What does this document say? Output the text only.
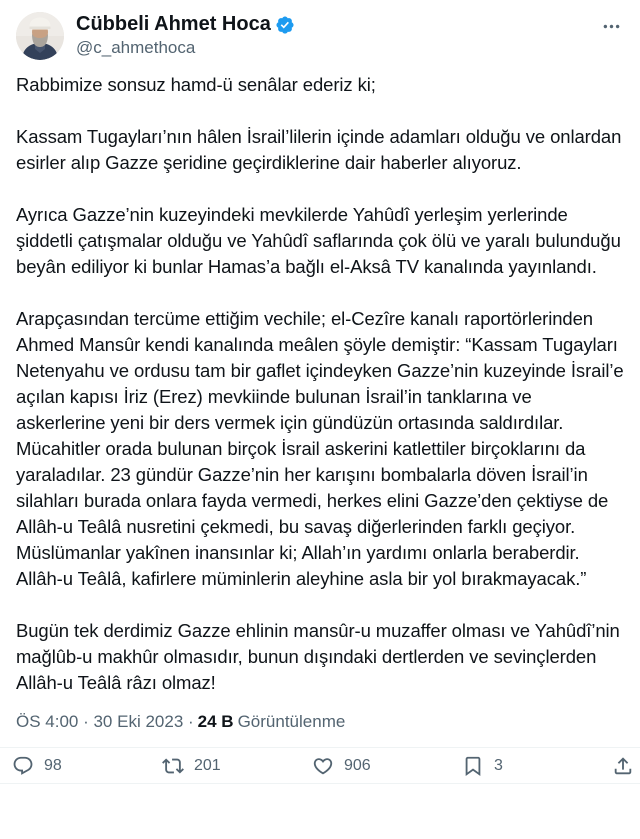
Cübbeli Ahmet Hoca
@c_ahmethoca

Rabbimize sonsuz hamd-ü senâlar ederiz ki;

Kassam Tugayları’nın hâlen İsrail’lilerin içinde adamları olduğu ve onlardan esirler alıp Gazze şeridine geçirdiklerine dair haberler alıyoruz.

Ayrıca Gazze’nin kuzeyindeki mevkilerde Yahûdî yerleşim yerlerinde şiddetli çatışmalar olduğu ve Yahûdî saflarında çok ölü ve yaralı bulunduğu beyân ediliyor ki bunlar Hamas’a bağlı el-Aksâ TV kanalında yayınlandı.

Arapçasından tercüme ettiğim vechile; el-Cezîre kanalı raportörlerinden Ahmed Mansûr kendi kanalında meâlen şöyle demiştir: “Kassam Tugayları Netenyahu ve ordusu tam bir gaflet içindeyken Gazze’nin kuzeyinde İsrail’e açılan kapısı İriz (Erez) mevkiinde bulunan İsrail’in tanklarına ve askerlerine yeni bir ders vermek için gündüzün ortasında saldırdılar. Mücahitler orada bulunan birçok İsrail askerini katlettiler birçoklarını da yaraladılar. 23 gündür Gazze’nin her karışını bombalarla döven İsrail’in silahları burada onlara fayda vermedi, herkes elini Gazze’den çektiyse de Allâh-u Teâlâ nusretini çekmedi, bu savaş diğerlerinden farklı geçiyor. Müslümanlar yakînen inansınlar ki; Allah’ın yardımı onlarla beraberdir. Allâh-u Teâlâ, kafirlere müminlerin aleyhine asla bir yol bırakmayacak.”

Bugün tek derdimiz Gazze ehlinin mansûr-u muzaffer olması ve Yahûdî’nin mağlûb-u makhûr olmasıdır, bunun dışındaki dertlerden ve sevinçlerden Allâh-u Teâlâ râzı olmaz!

ÖS 4:00 · 30 Eki 2023 · 24 B Görüntülenme
98	201	906	3
